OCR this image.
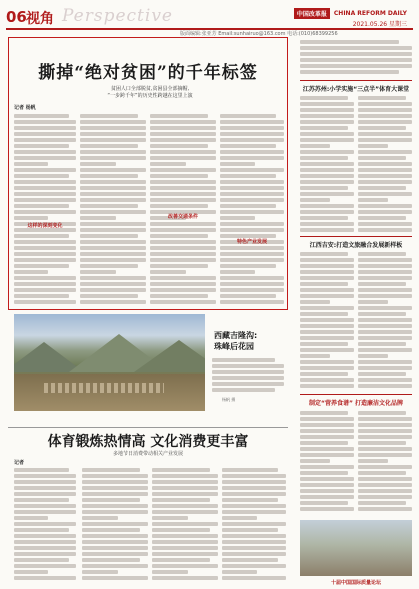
06 视角 Perspective	中国改革报	CHINA REFORM DAILY
2021.05.26 星期三
版面编辑:张亚芳 Email:sunhairuo@163.com 电话:(010)68399256
撕掉“绝对贫困”的千年标签
贫困人口全部脱贫,贫困县全部摘帽,
“一步跨千年”的历史性跨越在这里上演
记者 杨帆
这样的深刻变化
改善交通条件
特色产业发展
西藏吉隆沟:
珠峰后花园
杨帆 摄
体育锻炼热情高 文化消费更丰富
多地节日消费带动相关产业发展
记者
江苏苏州:小学实施“三点半”体育大课堂
江西吉安:打造文旅融合发展新样板
制定“营养食谱” 打造廉洁文化品牌
十届中国国际质量论坛
